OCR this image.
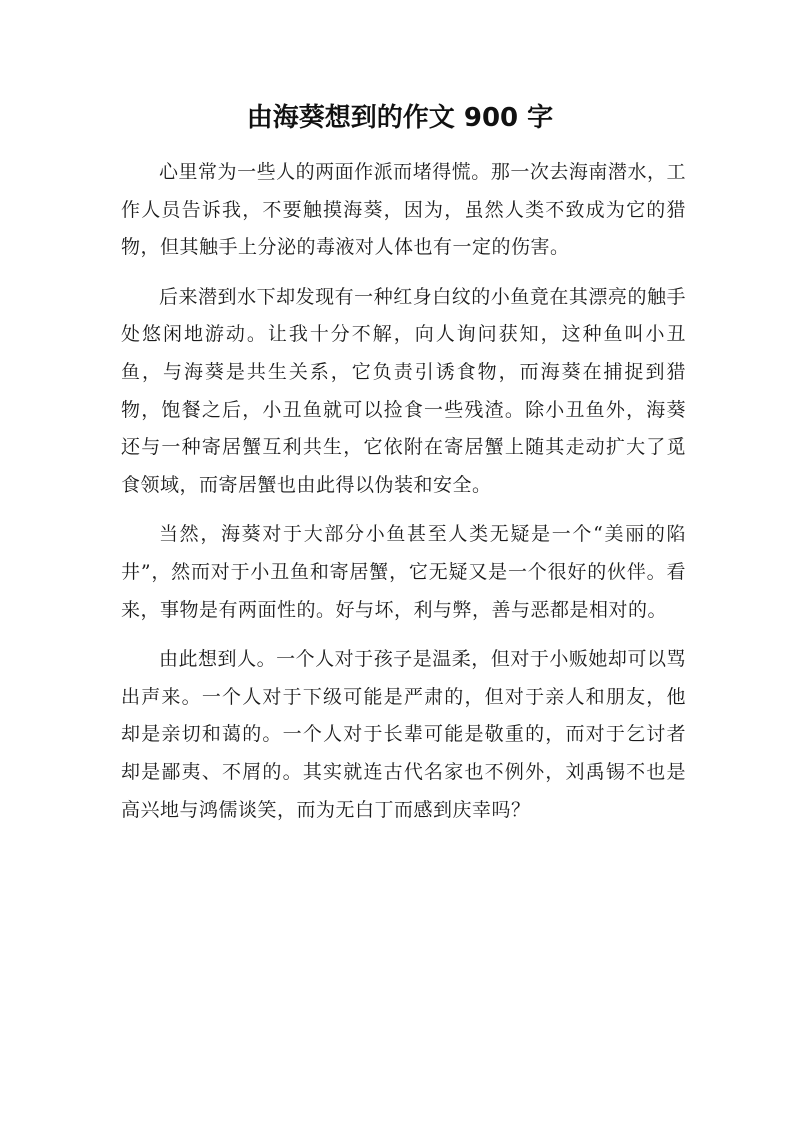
由海葵想到的作文 900 字

心里常为一些人的两面作派而堵得慌。那一次去海南潜水，工作人员告诉我，不要触摸海葵，因为，虽然人类不致成为它的猎物，但其触手上分泌的毒液对人体也有一定的伤害。

后来潜到水下却发现有一种红身白纹的小鱼竟在其漂亮的触手处悠闲地游动。让我十分不解，向人询问获知，这种鱼叫小丑鱼，与海葵是共生关系，它负责引诱食物，而海葵在捕捉到猎物，饱餐之后，小丑鱼就可以捡食一些残渣。除小丑鱼外，海葵还与一种寄居蟹互利共生，它依附在寄居蟹上随其走动扩大了觅食领域，而寄居蟹也由此得以伪装和安全。

当然，海葵对于大部分小鱼甚至人类无疑是一个“美丽的陷井”，然而对于小丑鱼和寄居蟹，它无疑又是一个很好的伙伴。看来，事物是有两面性的。好与坏，利与弊，善与恶都是相对的。

由此想到人。一个人对于孩子是温柔，但对于小贩她却可以骂出声来。一个人对于下级可能是严肃的，但对于亲人和朋友，他却是亲切和蔼的。一个人对于长辈可能是敬重的，而对于乞讨者却是鄙夷、不屑的。其实就连古代名家也不例外，刘禹锡不也是高兴地与鸿儒谈笑，而为无白丁而感到庆幸吗？
